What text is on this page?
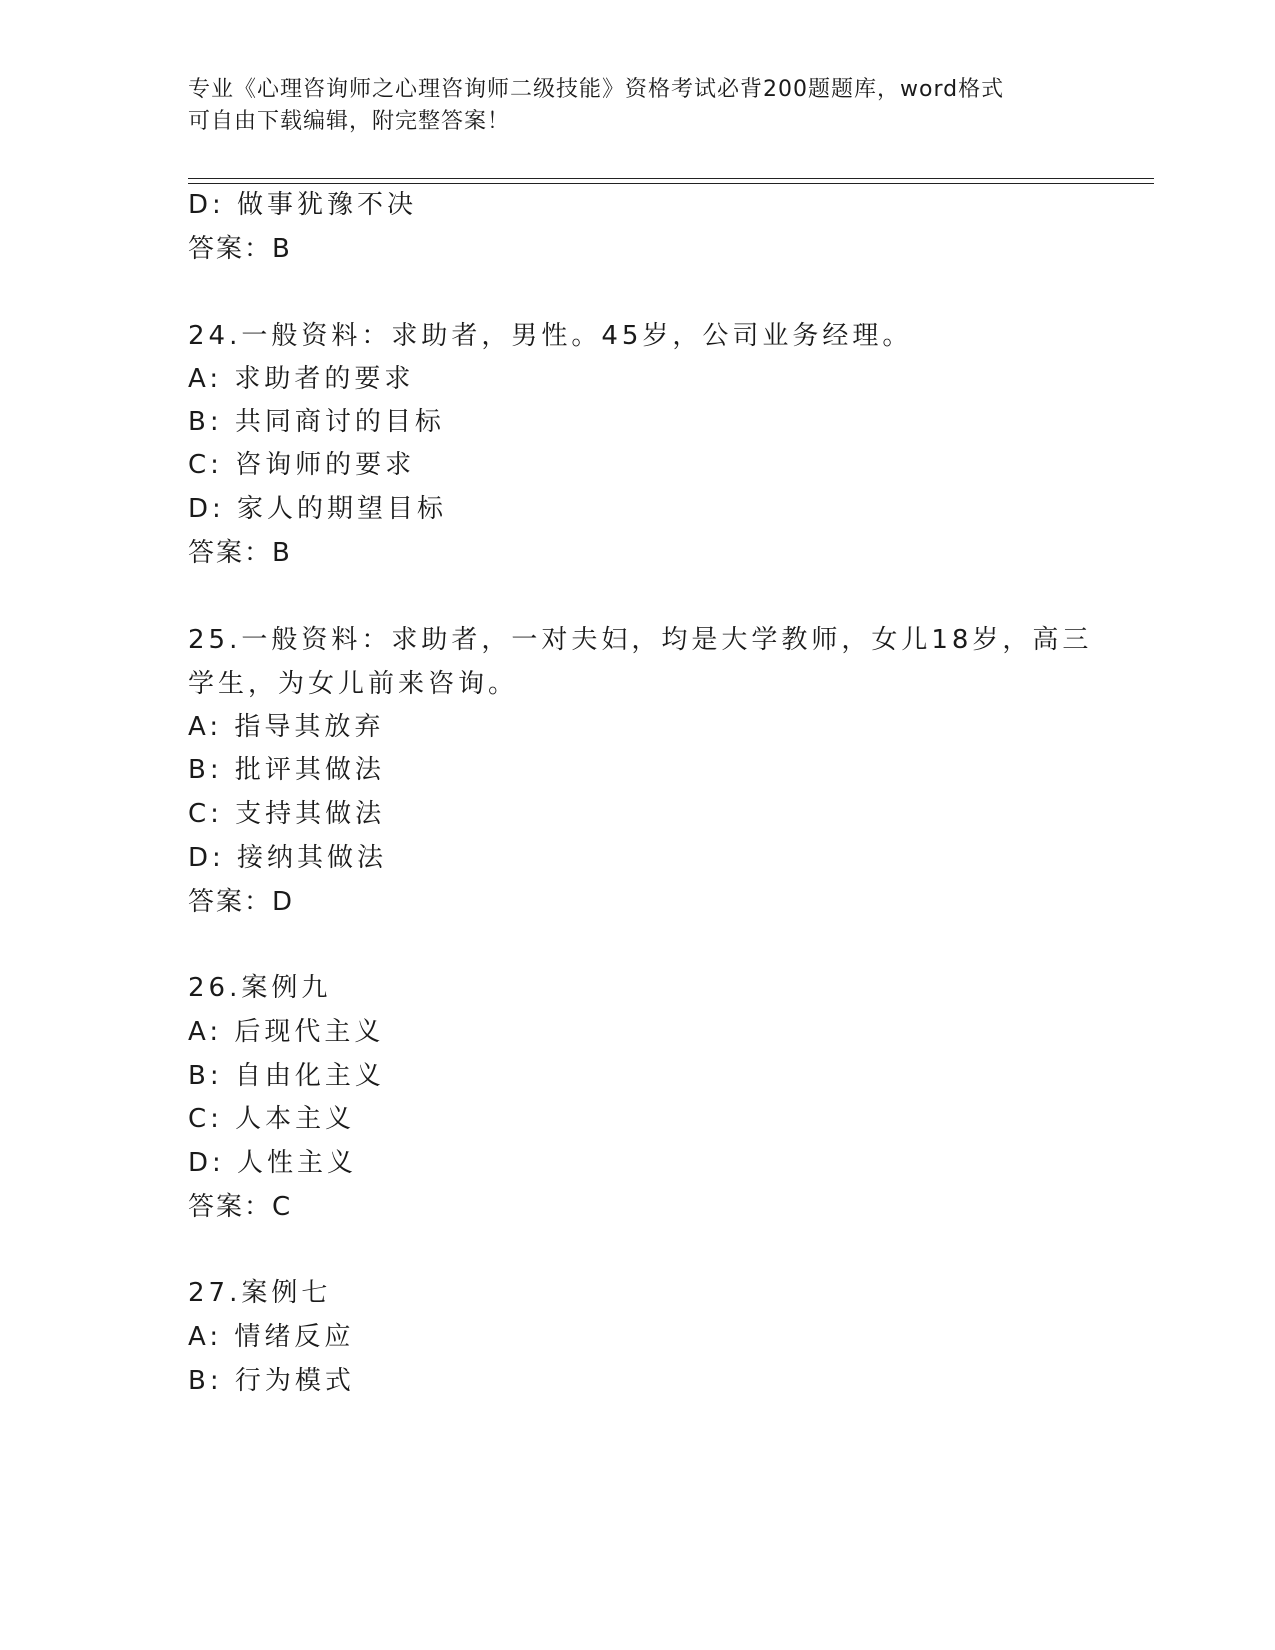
专业《心理咨询师之心理咨询师二级技能》资格考试必背200题题库，word格式
可自由下载编辑，附完整答案！
D: 做事犹豫不决
答案：B
24.一般资料：求助者，男性。45岁，公司业务经理。
A: 求助者的要求
B: 共同商讨的目标
C: 咨询师的要求
D: 家人的期望目标
答案：B
25.一般资料：求助者，一对夫妇，均是大学教师，女儿18岁，高三
学生，为女儿前来咨询。
A: 指导其放弃
B: 批评其做法
C: 支持其做法
D: 接纳其做法
答案：D
26.案例九
A: 后现代主义
B: 自由化主义
C: 人本主义
D: 人性主义
答案：C
27.案例七
A: 情绪反应
B: 行为模式
